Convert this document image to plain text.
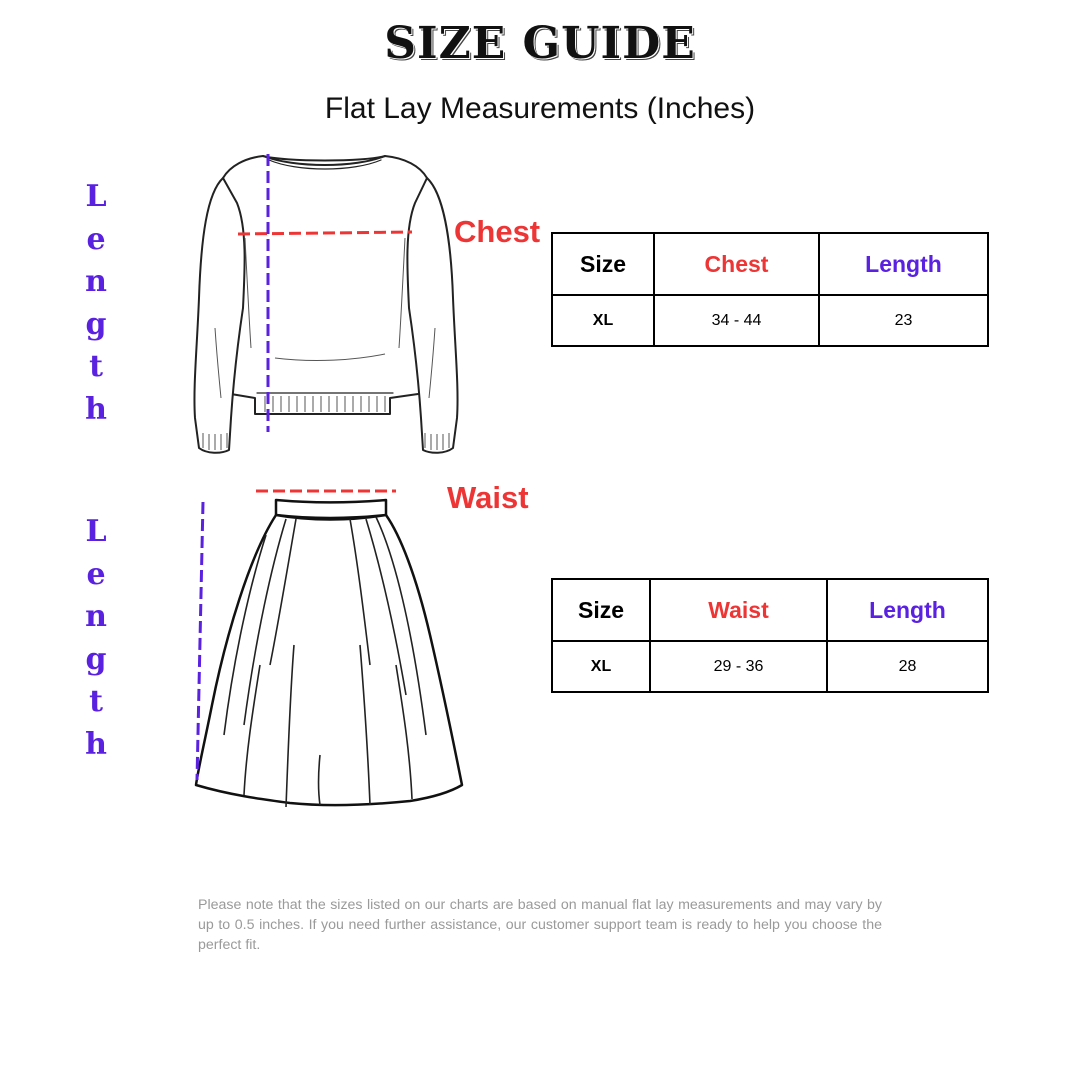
SIZE GUIDE
Flat Lay Measurements (Inches)
L
e
n
g
t
h
L
e
n
g
t
h
Chest
Waist
Size	Chest	Length
XL	34 - 44	23
Size	Waist	Length
XL	29 - 36	28
Please note that the sizes listed on our charts are based on manual flat lay measurements and may vary by up to 0.5 inches. If you need further assistance, our customer support team is ready to help you choose the perfect fit.
